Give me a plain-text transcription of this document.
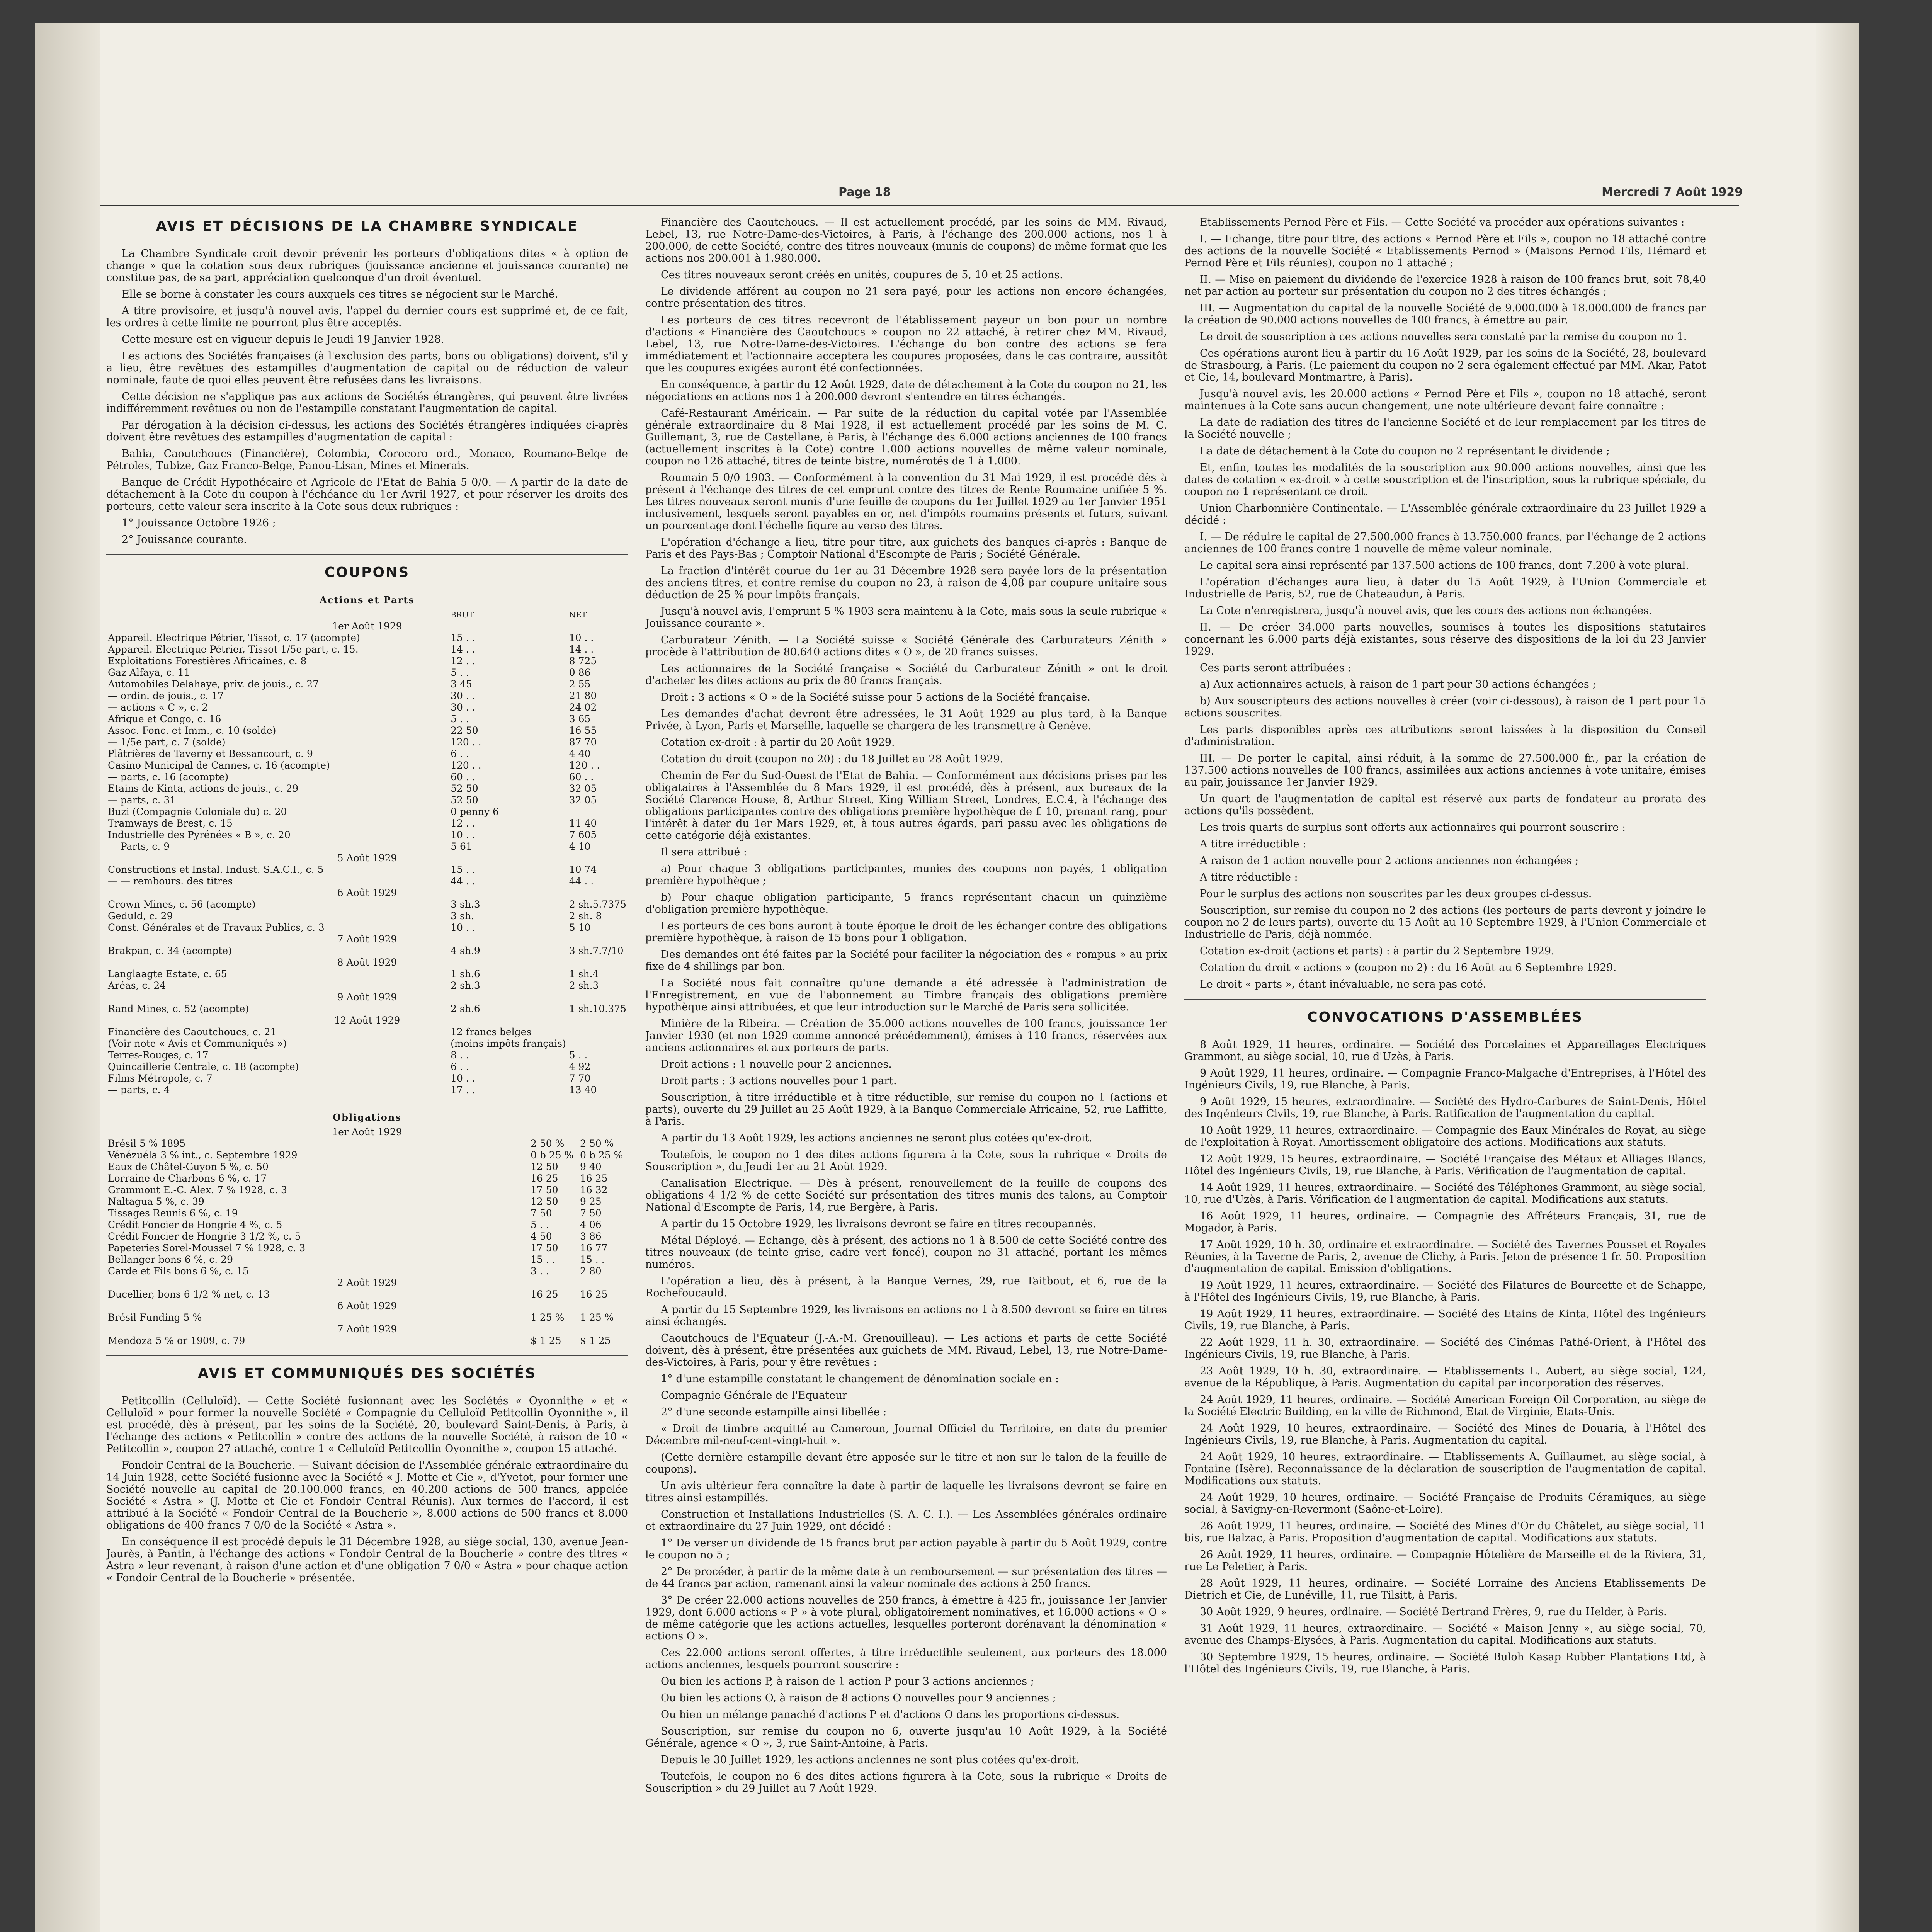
Page 18	Mercredi 7 Août 1929
AVIS ET DÉCISIONS DE LA CHAMBRE SYNDICALE

La Chambre Syndicale croit devoir prévenir les porteurs d'obligations dites « à option de change » que la cotation sous deux rubriques (jouissance ancienne et jouissance courante) ne constitue pas, de sa part, appréciation quelconque d'un droit éventuel.

Elle se borne à constater les cours auxquels ces titres se négocient sur le Marché.

A titre provisoire, et jusqu'à nouvel avis, l'appel du dernier cours est supprimé et, de ce fait, les ordres à cette limite ne pourront plus être acceptés.

Cette mesure est en vigueur depuis le Jeudi 19 Janvier 1928.

Les actions des Sociétés françaises (à l'exclusion des parts, bons ou obligations) doivent, s'il y a lieu, être revêtues des estampilles d'augmentation de capital ou de réduction de valeur nominale, faute de quoi elles peuvent être refusées dans les livraisons.

Cette décision ne s'applique pas aux actions de Sociétés étrangères, qui peuvent être livrées indifféremment revêtues ou non de l'estampille constatant l'augmentation de capital.

Par dérogation à la décision ci-dessus, les actions des Sociétés étrangères indiquées ci-après doivent être revêtues des estampilles d'augmentation de capital :

Bahia, Caoutchoucs (Financière), Colombia, Corocoro ord., Monaco, Roumano-Belge de Pétroles, Tubize, Gaz Franco-Belge, Panou-Lisan, Mines et Minerais.

Banque de Crédit Hypothécaire et Agricole de l'Etat de Bahia 5 0/0. — A partir de la date de détachement à la Cote du coupon à l'échéance du 1er Avril 1927, et pour réserver les droits des porteurs, cette valeur sera inscrite à la Cote sous deux rubriques :

1° Jouissance Octobre 1926 ;

2° Jouissance courante.

COUPONS
Actions et Parts
	BRUT	NET
1er Août 1929		
Appareil. Electrique Pétrier, Tissot, c. 17 (acompte)	15 . .	10 . .
Appareil. Electrique Pétrier, Tissot 1/5e part, c. 15.	14 . .	14 . .
Exploitations Forestières Africaines, c. 8	12 . .	8 725
Gaz Alfaya, c. 11	5 . .	0 86
Automobiles Delahaye, priv. de jouis., c. 27	3 45	2 55
— ordin. de jouis., c. 17	30 . .	21 80
— actions « C », c. 2	30 . .	24 02
Afrique et Congo, c. 16	5 . .	3 65
Assoc. Fonc. et Imm., c. 10 (solde)	22 50	16 55
— 1/5e part, c. 7 (solde)	120 . .	87 70
Plâtrières de Taverny et Bessancourt, c. 9	6 . .	4 40
Casino Municipal de Cannes, c. 16 (acompte)	120 . .	120 . .
— parts, c. 16 (acompte)	60 . .	60 . .
Etains de Kinta, actions de jouis., c. 29	52 50	32 05
— parts, c. 31	52 50	32 05
Buzi (Compagnie Coloniale du) c. 20	0 penny 6	
Tramways de Brest, c. 15	12 . .	11 40
Industrielle des Pyrénées « B », c. 20	10 . .	7 605
— Parts, c. 9	5 61	4 10
5 Août 1929		
Constructions et Instal. Indust. S.A.C.I., c. 5	15 . .	10 74
— — rembours. des titres	44 . .	44 . .
6 Août 1929		
Crown Mines, c. 56 (acompte)	3 sh.3	2 sh.5.7375
Geduld, c. 29	3 sh.	2 sh. 8
Const. Générales et de Travaux Publics, c. 3	10 . .	5 10
7 Août 1929		
Brakpan, c. 34 (acompte)	4 sh.9	3 sh.7.7/10
8 Août 1929		
Langlaagte Estate, c. 65	1 sh.6	1 sh.4
Aréas, c. 24	2 sh.3	2 sh.3
9 Août 1929		
Rand Mines, c. 52 (acompte)	2 sh.6	1 sh.10.375
12 Août 1929		
Financière des Caoutchoucs, c. 21	12 francs belges	
(Voir note « Avis et Communiqués »)	(moins impôts français)	
Terres-Rouges, c. 17	8 . .	5 . .
Quincaillerie Centrale, c. 18 (acompte)	6 . .	4 92
Films Métropole, c. 7	10 . .	7 70
— parts, c. 4	17 . .	13 40
Obligations
1er Août 1929		
Brésil 5 % 1895	2 50 %	2 50 %
Vénézuéla 3 % int., c. Septembre 1929	0 b 25 %	0 b 25 %
Eaux de Châtel-Guyon 5 %, c. 50	12 50	9 40
Lorraine de Charbons 6 %, c. 17	16 25	16 25
Grammont E.-C. Alex. 7 % 1928, c. 3	17 50	16 32
Naltagua 5 %, c. 39	12 50	9 25
Tissages Reunis 6 %, c. 19	7 50	7 50
Crédit Foncier de Hongrie 4 %, c. 5	5 . .	4 06
Crédit Foncier de Hongrie 3 1/2 %, c. 5	4 50	3 86
Papeteries Sorel-Moussel 7 % 1928, c. 3	17 50	16 77
Bellanger bons 6 %, c. 29	15 . .	15 . .
Carde et Fils bons 6 %, c. 15	3 . .	2 80
2 Août 1929		
Ducellier, bons 6 1/2 % net, c. 13	16 25	16 25
6 Août 1929		
Brésil Funding 5 %	1 25 %	1 25 %
7 Août 1929		
Mendoza 5 % or 1909, c. 79	$ 1 25	$ 1 25
AVIS ET COMMUNIQUÉS DES SOCIÉTÉS

Petitcollin (Celluloïd). — Cette Société fusionnant avec les Sociétés « Oyonnithe » et « Celluloïd » pour former la nouvelle Société « Compagnie du Celluloïd Petitcollin Oyonnithe », il est procédé, dès à présent, par les soins de la Société, 20, boulevard Saint-Denis, à Paris, à l'échange des actions « Petitcollin » contre des actions de la nouvelle Société, à raison de 10 « Petitcollin », coupon 27 attaché, contre 1 « Celluloïd Petitcollin Oyonnithe », coupon 15 attaché.

Fondoir Central de la Boucherie. — Suivant décision de l'Assemblée générale extraordinaire du 14 Juin 1928, cette Société fusionne avec la Société « J. Motte et Cie », d'Yvetot, pour former une Société nouvelle au capital de 20.100.000 francs, en 40.200 actions de 500 francs, appelée Société « Astra » (J. Motte et Cie et Fondoir Central Réunis). Aux termes de l'accord, il est attribué à la Société « Fondoir Central de la Boucherie », 8.000 actions de 500 francs et 8.000 obligations de 400 francs 7 0/0 de la Société « Astra ».

En conséquence il est procédé depuis le 31 Décembre 1928, au siège social, 130, avenue Jean-Jaurès, à Pantin, à l'échange des actions « Fondoir Central de la Boucherie » contre des titres « Astra » leur revenant, à raison d'une action et d'une obligation 7 0/0 « Astra » pour chaque action « Fondoir Central de la Boucherie » présentée.

Financière des Caoutchoucs. — Il est actuellement procédé, par les soins de MM. Rivaud, Lebel, 13, rue Notre-Dame-des-Victoires, à Paris, à l'échange des 200.000 actions, nos 1 à 200.000, de cette Société, contre des titres nouveaux (munis de coupons) de même format que les actions nos 200.001 à 1.980.000.

Ces titres nouveaux seront créés en unités, coupures de 5, 10 et 25 actions.

Le dividende afférent au coupon no 21 sera payé, pour les actions non encore échangées, contre présentation des titres.

Les porteurs de ces titres recevront de l'établissement payeur un bon pour un nombre d'actions « Financière des Caoutchoucs » coupon no 22 attaché, à retirer chez MM. Rivaud, Lebel, 13, rue Notre-Dame-des-Victoires. L'échange du bon contre des actions se fera immédiatement et l'actionnaire acceptera les coupures proposées, dans le cas contraire, aussitôt que les coupures exigées auront été confectionnées.

En conséquence, à partir du 12 Août 1929, date de détachement à la Cote du coupon no 21, les négociations en actions nos 1 à 200.000 devront s'entendre en titres échangés.

Café-Restaurant Américain. — Par suite de la réduction du capital votée par l'Assemblée générale extraordinaire du 8 Mai 1928, il est actuellement procédé par les soins de M. C. Guillemant, 3, rue de Castellane, à Paris, à l'échange des 6.000 actions anciennes de 100 francs (actuellement inscrites à la Cote) contre 1.000 actions nouvelles de même valeur nominale, coupon no 126 attaché, titres de teinte bistre, numérotés de 1 à 1.000.

Roumain 5 0/0 1903. — Conformément à la convention du 31 Mai 1929, il est procédé dès à présent à l'échange des titres de cet emprunt contre des titres de Rente Roumaine unifiée 5 %. Les titres nouveaux seront munis d'une feuille de coupons du 1er Juillet 1929 au 1er Janvier 1951 inclusivement, lesquels seront payables en or, net d'impôts roumains présents et futurs, suivant un pourcentage dont l'échelle figure au verso des titres.

L'opération d'échange a lieu, titre pour titre, aux guichets des banques ci-après : Banque de Paris et des Pays-Bas ; Comptoir National d'Escompte de Paris ; Société Générale.

La fraction d'intérêt courue du 1er au 31 Décembre 1928 sera payée lors de la présentation des anciens titres, et contre remise du coupon no 23, à raison de 4,08 par coupure unitaire sous déduction de 25 % pour impôts français.

Jusqu'à nouvel avis, l'emprunt 5 % 1903 sera maintenu à la Cote, mais sous la seule rubrique « Jouissance courante ».

Carburateur Zénith. — La Société suisse « Société Générale des Carburateurs Zénith » procède à l'attribution de 80.640 actions dites « O », de 20 francs suisses.

Les actionnaires de la Société française « Société du Carburateur Zénith » ont le droit d'acheter les dites actions au prix de 80 francs français.

Droit : 3 actions « O » de la Société suisse pour 5 actions de la Société française.

Les demandes d'achat devront être adressées, le 31 Août 1929 au plus tard, à la Banque Privée, à Lyon, Paris et Marseille, laquelle se chargera de les transmettre à Genève.

Cotation ex-droit : à partir du 20 Août 1929.

Cotation du droit (coupon no 20) : du 18 Juillet au 28 Août 1929.

Chemin de Fer du Sud-Ouest de l'Etat de Bahia. — Conformément aux décisions prises par les obligataires à l'Assemblée du 8 Mars 1929, il est procédé, dès à présent, aux bureaux de la Société Clarence House, 8, Arthur Street, King William Street, Londres, E.C.4, à l'échange des obligations participantes contre des obligations première hypothèque de £ 10, prenant rang, pour l'intérêt à dater du 1er Mars 1929, et, à tous autres égards, pari passu avec les obligations de cette catégorie déjà existantes.

Il sera attribué :

a) Pour chaque 3 obligations participantes, munies des coupons non payés, 1 obligation première hypothèque ;

b) Pour chaque obligation participante, 5 francs représentant chacun un quinzième d'obligation première hypothèque.

Les porteurs de ces bons auront à toute époque le droit de les échanger contre des obligations première hypothèque, à raison de 15 bons pour 1 obligation.

Des demandes ont été faites par la Société pour faciliter la négociation des « rompus » au prix fixe de 4 shillings par bon.

La Société nous fait connaître qu'une demande a été adressée à l'administration de l'Enregistrement, en vue de l'abonnement au Timbre français des obligations première hypothèque ainsi attribuées, et que leur introduction sur le Marché de Paris sera sollicitée.

Minière de la Ribeira. — Création de 35.000 actions nouvelles de 100 francs, jouissance 1er Janvier 1930 (et non 1929 comme annoncé précédemment), émises à 110 francs, réservées aux anciens actionnaires et aux porteurs de parts.

Droit actions : 1 nouvelle pour 2 anciennes.

Droit parts : 3 actions nouvelles pour 1 part.

Souscription, à titre irréductible et à titre réductible, sur remise du coupon no 1 (actions et parts), ouverte du 29 Juillet au 25 Août 1929, à la Banque Commerciale Africaine, 52, rue Laffitte, à Paris.

A partir du 13 Août 1929, les actions anciennes ne seront plus cotées qu'ex-droit.

Toutefois, le coupon no 1 des dites actions figurera à la Cote, sous la rubrique « Droits de Souscription », du Jeudi 1er au 21 Août 1929.

Canalisation Electrique. — Dès à présent, renouvellement de la feuille de coupons des obligations 4 1/2 % de cette Société sur présentation des titres munis des talons, au Comptoir National d'Escompte de Paris, 14, rue Bergère, à Paris.

A partir du 15 Octobre 1929, les livraisons devront se faire en titres recoupannés.

Métal Déployé. — Echange, dès à présent, des actions no 1 à 8.500 de cette Société contre des titres nouveaux (de teinte grise, cadre vert foncé), coupon no 31 attaché, portant les mêmes numéros.

L'opération a lieu, dès à présent, à la Banque Vernes, 29, rue Taitbout, et 6, rue de la Rochefoucauld.

A partir du 15 Septembre 1929, les livraisons en actions no 1 à 8.500 devront se faire en titres ainsi échangés.

Caoutchoucs de l'Equateur (J.-A.-M. Grenouilleau). — Les actions et parts de cette Société doivent, dès à présent, être présentées aux guichets de MM. Rivaud, Lebel, 13, rue Notre-Dame-des-Victoires, à Paris, pour y être revêtues :

1° d'une estampille constatant le changement de dénomination sociale en :

Compagnie Générale de l'Equateur

2° d'une seconde estampille ainsi libellée :

« Droit de timbre acquitté au Cameroun, Journal Officiel du Territoire, en date du premier Décembre mil-neuf-cent-vingt-huit ».

(Cette dernière estampille devant être apposée sur le titre et non sur le talon de la feuille de coupons).

Un avis ultérieur fera connaître la date à partir de laquelle les livraisons devront se faire en titres ainsi estampillés.

Construction et Installations Industrielles (S. A. C. I.). — Les Assemblées générales ordinaire et extraordinaire du 27 Juin 1929, ont décidé :

1° De verser un dividende de 15 francs brut par action payable à partir du 5 Août 1929, contre le coupon no 5 ;

2° De procéder, à partir de la même date à un remboursement — sur présentation des titres — de 44 francs par action, ramenant ainsi la valeur nominale des actions à 250 francs.

3° De créer 22.000 actions nouvelles de 250 francs, à émettre à 425 fr., jouissance 1er Janvier 1929, dont 6.000 actions « P » à vote plural, obligatoirement nominatives, et 16.000 actions « O » de même catégorie que les actions actuelles, lesquelles porteront dorénavant la dénomination « actions O ».

Ces 22.000 actions seront offertes, à titre irréductible seulement, aux porteurs des 18.000 actions anciennes, lesquels pourront souscrire :

Ou bien les actions P, à raison de 1 action P pour 3 actions anciennes ;

Ou bien les actions O, à raison de 8 actions O nouvelles pour 9 anciennes ;

Ou bien un mélange panaché d'actions P et d'actions O dans les proportions ci-dessus.

Souscription, sur remise du coupon no 6, ouverte jusqu'au 10 Août 1929, à la Société Générale, agence « O », 3, rue Saint-Antoine, à Paris.

Depuis le 30 Juillet 1929, les actions anciennes ne sont plus cotées qu'ex-droit.

Toutefois, le coupon no 6 des dites actions figurera à la Cote, sous la rubrique « Droits de Souscription » du 29 Juillet au 7 Août 1929.

Etablissements Pernod Père et Fils. — Cette Société va procéder aux opérations suivantes :

I. — Echange, titre pour titre, des actions « Pernod Père et Fils », coupon no 18 attaché contre des actions de la nouvelle Société « Etablissements Pernod » (Maisons Pernod Fils, Hémard et Pernod Père et Fils réunies), coupon no 1 attaché ;

II. — Mise en paiement du dividende de l'exercice 1928 à raison de 100 francs brut, soit 78,40 net par action au porteur sur présentation du coupon no 2 des titres échangés ;

III. — Augmentation du capital de la nouvelle Société de 9.000.000 à 18.000.000 de francs par la création de 90.000 actions nouvelles de 100 francs, à émettre au pair.

Le droit de souscription à ces actions nouvelles sera constaté par la remise du coupon no 1.

Ces opérations auront lieu à partir du 16 Août 1929, par les soins de la Société, 28, boulevard de Strasbourg, à Paris. (Le paiement du coupon no 2 sera également effectué par MM. Akar, Patot et Cie, 14, boulevard Montmartre, à Paris).

Jusqu'à nouvel avis, les 20.000 actions « Pernod Père et Fils », coupon no 18 attaché, seront maintenues à la Cote sans aucun changement, une note ultérieure devant faire connaître :

La date de radiation des titres de l'ancienne Société et de leur remplacement par les titres de la Société nouvelle ;

La date de détachement à la Cote du coupon no 2 représentant le dividende ;

Et, enfin, toutes les modalités de la souscription aux 90.000 actions nouvelles, ainsi que les dates de cotation « ex-droit » à cette souscription et de l'inscription, sous la rubrique spéciale, du coupon no 1 représentant ce droit.

Union Charbonnière Continentale. — L'Assemblée générale extraordinaire du 23 Juillet 1929 a décidé :

I. — De réduire le capital de 27.500.000 francs à 13.750.000 francs, par l'échange de 2 actions anciennes de 100 francs contre 1 nouvelle de même valeur nominale.

Le capital sera ainsi représenté par 137.500 actions de 100 francs, dont 7.200 à vote plural.

L'opération d'échanges aura lieu, à dater du 15 Août 1929, à l'Union Commerciale et Industrielle de Paris, 52, rue de Chateaudun, à Paris.

La Cote n'enregistrera, jusqu'à nouvel avis, que les cours des actions non échangées.

II. — De créer 34.000 parts nouvelles, soumises à toutes les dispositions statutaires concernant les 6.000 parts déjà existantes, sous réserve des dispositions de la loi du 23 Janvier 1929.

Ces parts seront attribuées :

a) Aux actionnaires actuels, à raison de 1 part pour 30 actions échangées ;

b) Aux souscripteurs des actions nouvelles à créer (voir ci-dessous), à raison de 1 part pour 15 actions souscrites.

Les parts disponibles après ces attributions seront laissées à la disposition du Conseil d'administration.

III. — De porter le capital, ainsi réduit, à la somme de 27.500.000 fr., par la création de 137.500 actions nouvelles de 100 francs, assimilées aux actions anciennes à vote unitaire, émises au pair, jouissance 1er Janvier 1929.

Un quart de l'augmentation de capital est réservé aux parts de fondateur au prorata des actions qu'ils possèdent.

Les trois quarts de surplus sont offerts aux actionnaires qui pourront souscrire :

A titre irréductible :

A raison de 1 action nouvelle pour 2 actions anciennes non échangées ;

A titre réductible :

Pour le surplus des actions non souscrites par les deux groupes ci-dessus.

Souscription, sur remise du coupon no 2 des actions (les porteurs de parts devront y joindre le coupon no 2 de leurs parts), ouverte du 15 Août au 10 Septembre 1929, à l'Union Commerciale et Industrielle de Paris, déjà nommée.

Cotation ex-droit (actions et parts) : à partir du 2 Septembre 1929.

Cotation du droit « actions » (coupon no 2) : du 16 Août au 6 Septembre 1929.

Le droit « parts », étant inévaluable, ne sera pas coté.

CONVOCATIONS D'ASSEMBLÉES

8 Août 1929, 11 heures, ordinaire. — Société des Porcelaines et Appareillages Electriques Grammont, au siège social, 10, rue d'Uzès, à Paris.

9 Août 1929, 11 heures, ordinaire. — Compagnie Franco-Malgache d'Entreprises, à l'Hôtel des Ingénieurs Civils, 19, rue Blanche, à Paris.

9 Août 1929, 15 heures, extraordinaire. — Société des Hydro-Carbures de Saint-Denis, Hôtel des Ingénieurs Civils, 19, rue Blanche, à Paris. Ratification de l'augmentation du capital.

10 Août 1929, 11 heures, extraordinaire. — Compagnie des Eaux Minérales de Royat, au siège de l'exploitation à Royat. Amortissement obligatoire des actions. Modifications aux statuts.

12 Août 1929, 15 heures, extraordinaire. — Société Française des Métaux et Alliages Blancs, Hôtel des Ingénieurs Civils, 19, rue Blanche, à Paris. Vérification de l'augmentation de capital.

14 Août 1929, 11 heures, extraordinaire. — Société des Téléphones Grammont, au siège social, 10, rue d'Uzès, à Paris. Vérification de l'augmentation de capital. Modifications aux statuts.

16 Août 1929, 11 heures, ordinaire. — Compagnie des Affréteurs Français, 31, rue de Mogador, à Paris.

17 Août 1929, 10 h. 30, ordinaire et extraordinaire. — Société des Tavernes Pousset et Royales Réunies, à la Taverne de Paris, 2, avenue de Clichy, à Paris. Jeton de présence 1 fr. 50. Proposition d'augmentation de capital. Emission d'obligations.

19 Août 1929, 11 heures, extraordinaire. — Société des Filatures de Bourcette et de Schappe, à l'Hôtel des Ingénieurs Civils, 19, rue Blanche, à Paris.

19 Août 1929, 11 heures, extraordinaire. — Société des Etains de Kinta, Hôtel des Ingénieurs Civils, 19, rue Blanche, à Paris.

22 Août 1929, 11 h. 30, extraordinaire. — Société des Cinémas Pathé-Orient, à l'Hôtel des Ingénieurs Civils, 19, rue Blanche, à Paris.

23 Août 1929, 10 h. 30, extraordinaire. — Etablissements L. Aubert, au siège social, 124, avenue de la République, à Paris. Augmentation du capital par incorporation des réserves.

24 Août 1929, 11 heures, ordinaire. — Société American Foreign Oil Corporation, au siège de la Société Electric Building, en la ville de Richmond, Etat de Virginie, Etats-Unis.

24 Août 1929, 10 heures, extraordinaire. — Société des Mines de Douaria, à l'Hôtel des Ingénieurs Civils, 19, rue Blanche, à Paris. Augmentation du capital.

24 Août 1929, 10 heures, extraordinaire. — Etablissements A. Guillaumet, au siège social, à Fontaine (Isère). Reconnaissance de la déclaration de souscription de l'augmentation de capital. Modifications aux statuts.

24 Août 1929, 10 heures, ordinaire. — Société Française de Produits Céramiques, au siège social, à Savigny-en-Revermont (Saône-et-Loire).

26 Août 1929, 11 heures, ordinaire. — Société des Mines d'Or du Châtelet, au siège social, 11 bis, rue Balzac, à Paris. Proposition d'augmentation de capital. Modifications aux statuts.

26 Août 1929, 11 heures, ordinaire. — Compagnie Hôtelière de Marseille et de la Riviera, 31, rue Le Peletier, à Paris.

28 Août 1929, 11 heures, ordinaire. — Société Lorraine des Anciens Etablissements De Dietrich et Cie, de Lunéville, 11, rue Tilsitt, à Paris.

30 Août 1929, 9 heures, ordinaire. — Société Bertrand Frères, 9, rue du Helder, à Paris.

31 Août 1929, 11 heures, extraordinaire. — Société « Maison Jenny », au siège social, 70, avenue des Champs-Elysées, à Paris. Augmentation du capital. Modifications aux statuts.

30 Septembre 1929, 15 heures, ordinaire. — Société Buloh Kasap Rubber Plantations Ltd, à l'Hôtel des Ingénieurs Civils, 19, rue Blanche, à Paris.
